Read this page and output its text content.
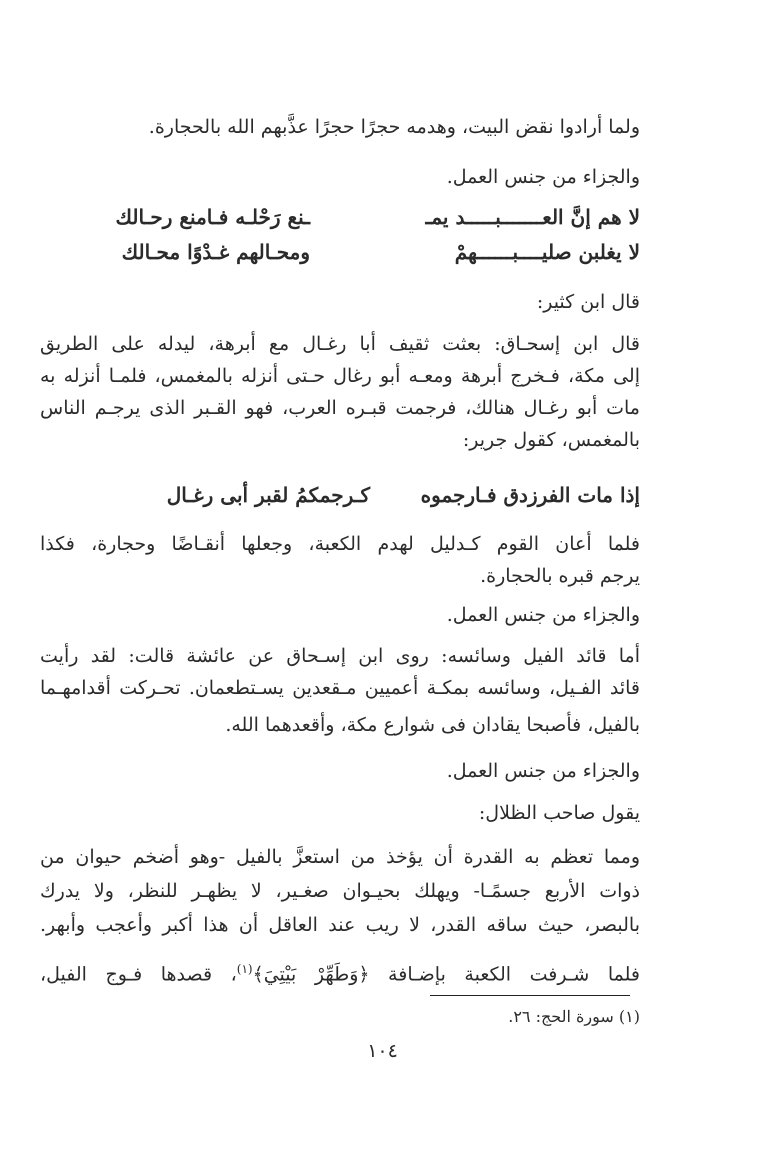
ولما أرادوا نقض البيت، وهدمه حجرًا حجرًا عذَّبهم الله بالحجارة.
والجزاء من جنس العمل.
لا هم إنَّ العـــــــبـــــد يمـ
ـنع رَحْلـه فـامنع رحـالك
لا يغلبن صليــــبــــــهمْ
ومحـالهم غـدْوًا محـالك
قال ابن كثير:
قال ابن إسحـاق: بعثت ثقيف أبا رغـال مع أبرهة، ليدله على الطريق
إلى مكة، فـخرج أبرهة ومعـه أبو رغال حـتى أنزله بالمغمس، فلمـا أنزله به
مات أبو رغـال هنالك، فرجمت قبـره العرب، فهو القـبر الذى يرجـم الناس
بالمغمس، كقول جرير:
إذا مات الفرزدق فـارجموه
كـرجمكمُ لقبر أبى رغـال
فلما أعان القوم كـدليل لهدم الكعبة، وجعلها أنقـاضًا وحجارة، فكذا
يرجم قبره بالحجارة.
والجزاء من جنس العمل.
أما قائد الفيل وسائسه: روى ابن إسـحاق عن عائشة قالت: لقد رأيت
قائد الفـيل، وسائسه بمكـة أعميين مـقعدين يسـتطعمان. تحـركت أقدامهـما
بالفيل، فأصبحا يقادان فى شوارع مكة، وأقعدهما الله.
والجزاء من جنس العمل.
يقول صاحب الظلال:
ومما تعظم به القدرة أن يؤخذ من استعزَّ بالفيل -وهو أضخم حيوان من
ذوات الأربع جسمًـا- ويهلك بحيـوان صغـير، لا يظهـر للنظر، ولا يدرك
بالبصر، حيث ساقه القدر، لا ريب عند العاقل أن هذا أكبر وأعجب وأبهر.
فلما شـرفت الكعبة بإضـافة ﴿وَطَهِّرْ بَيْتِيَ﴾$^{(١)}$، قصدها فـوج الفيل،
(١) سورة الحج: ٢٦.
١٠٤
